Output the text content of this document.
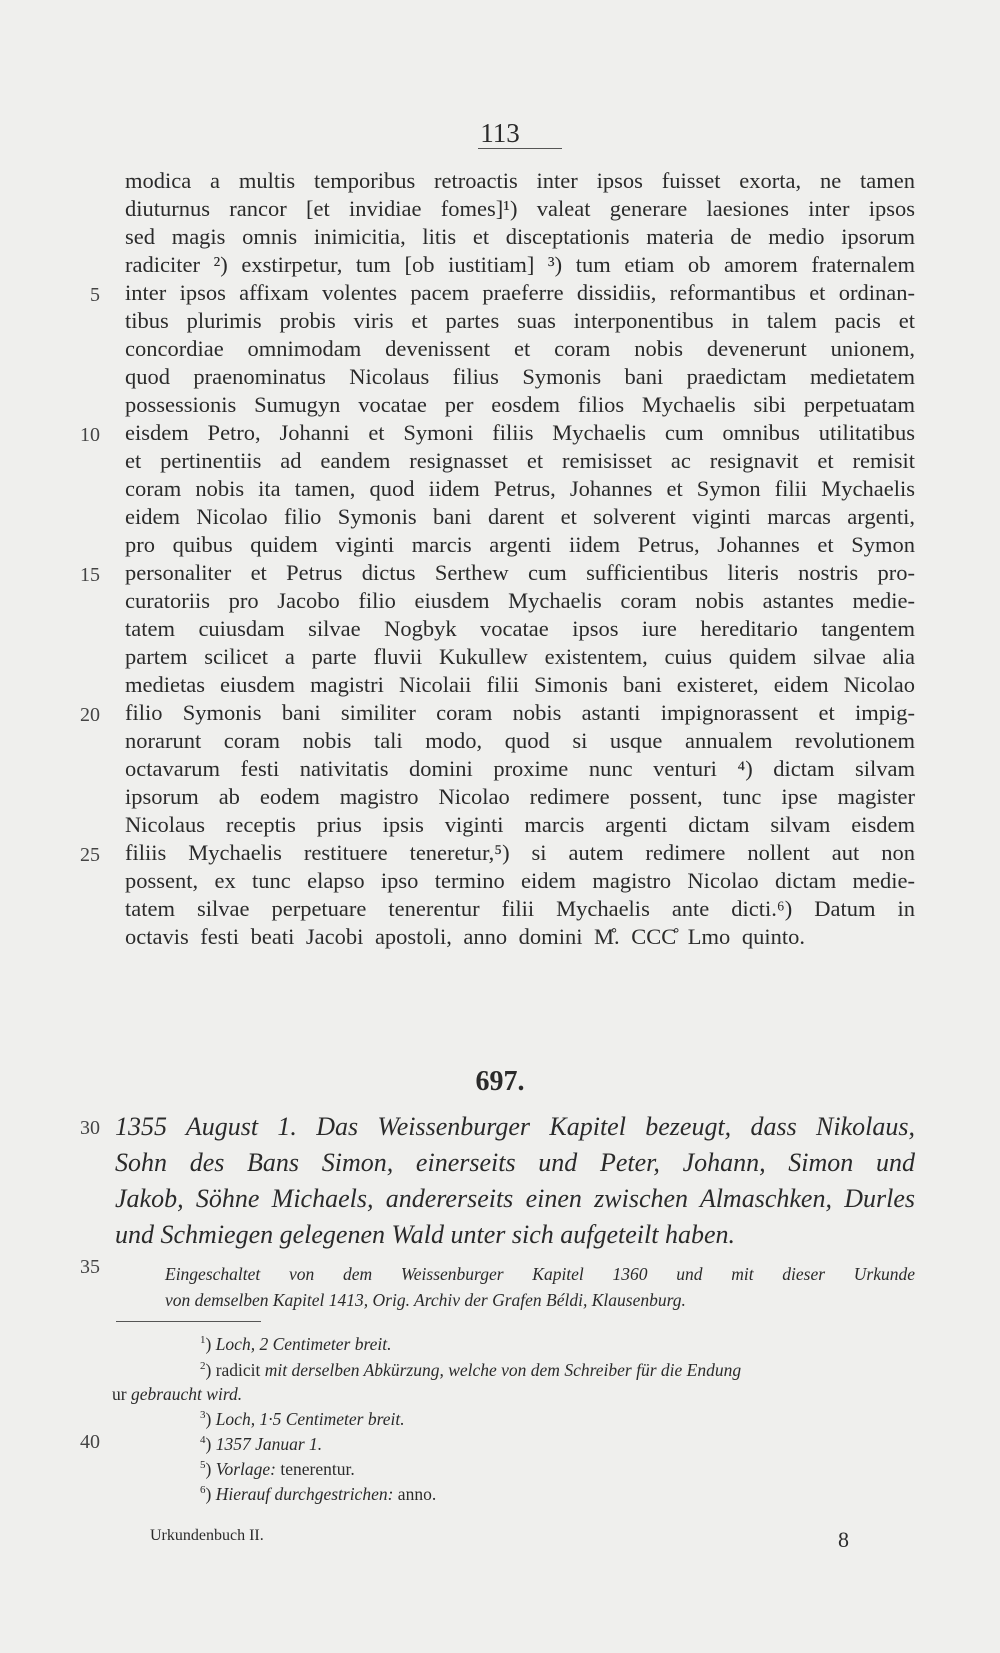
113
modica a multis temporibus retroactis inter ipsos fuisset exorta, ne tamen
diuturnus rancor [et invidiae fomes]¹) valeat generare laesiones inter ipsos
sed magis omnis inimicitia, litis et disceptationis materia de medio ipsorum
radiciter ²) exstirpetur, tum [ob iustitiam] ³) tum etiam ob amorem fraternalem
inter ipsos affixam volentes pacem praeferre dissidiis, reformantibus et ordinan-
tibus plurimis probis viris et partes suas interponentibus in talem pacis et
concordiae omnimodam devenissent et coram nobis devenerunt unionem,
quod praenominatus Nicolaus filius Symonis bani praedictam medietatem
possessionis Sumugyn vocatae per eosdem filios Mychaelis sibi perpetuatam
eisdem Petro, Johanni et Symoni filiis Mychaelis cum omnibus utilitatibus
et pertinentiis ad eandem resignasset et remisisset ac resignavit et remisit
coram nobis ita tamen, quod iidem Petrus, Johannes et Symon filii Mychaelis
eidem Nicolao filio Symonis bani darent et solverent viginti marcas argenti,
pro quibus quidem viginti marcis argenti iidem Petrus, Johannes et Symon
personaliter et Petrus dictus Serthew cum sufficientibus literis nostris pro-
curatoriis pro Jacobo filio eiusdem Mychaelis coram nobis astantes medie-
tatem cuiusdam silvae Nogbyk vocatae ipsos iure hereditario tangentem
partem scilicet a parte fluvii Kukullew existentem, cuius quidem silvae alia
medietas eiusdem magistri Nicolaii filii Simonis bani existeret, eidem Nicolao
filio Symonis bani similiter coram nobis astanti impignorassent et impig-
norarunt coram nobis tali modo, quod si usque annualem revolutionem
octavarum festi nativitatis domini proxime nunc venturi ⁴) dictam silvam
ipsorum ab eodem magistro Nicolao redimere possent, tunc ipse magister
Nicolaus receptis prius ipsis viginti marcis argenti dictam silvam eisdem
filiis Mychaelis restituere teneretur,⁵) si autem redimere nollent aut non
possent, ex tunc elapso ipso termino eidem magistro Nicolao dictam medie-
tatem silvae perpetuare tenerentur filii Mychaelis ante dicti.⁶) Datum in
octavis festi beati Jacobi apostoli, anno domini M̊. CCC̊ Lmo quinto.
5
10
15
20
25
30
35
40
697.
1355 August 1. Das Weissenburger Kapitel bezeugt, dass Nikolaus,
Sohn des Bans Simon, einerseits und Peter, Johann, Simon und
Jakob, Söhne Michaels, andererseits einen zwischen Almaschken, Durles
und Schmiegen gelegenen Wald unter sich aufgeteilt haben.
Eingeschaltet von dem Weissenburger Kapitel 1360 und mit dieser Urkunde
von demselben Kapitel 1413, Orig. Archiv der Grafen Béldi, Klausenburg.
$^1$) Loch, 2 Centimeter breit.
$^2$) radicit mit derselben Abkürzung, welche von dem Schreiber für die Endung
ur gebraucht wird.
$^3$) Loch, 1·5 Centimeter breit.
$^4$) 1357 Januar 1.
$^5$) Vorlage: tenerentur.
$^6$) Hierauf durchgestrichen: anno.
Urkundenbuch II.	8
